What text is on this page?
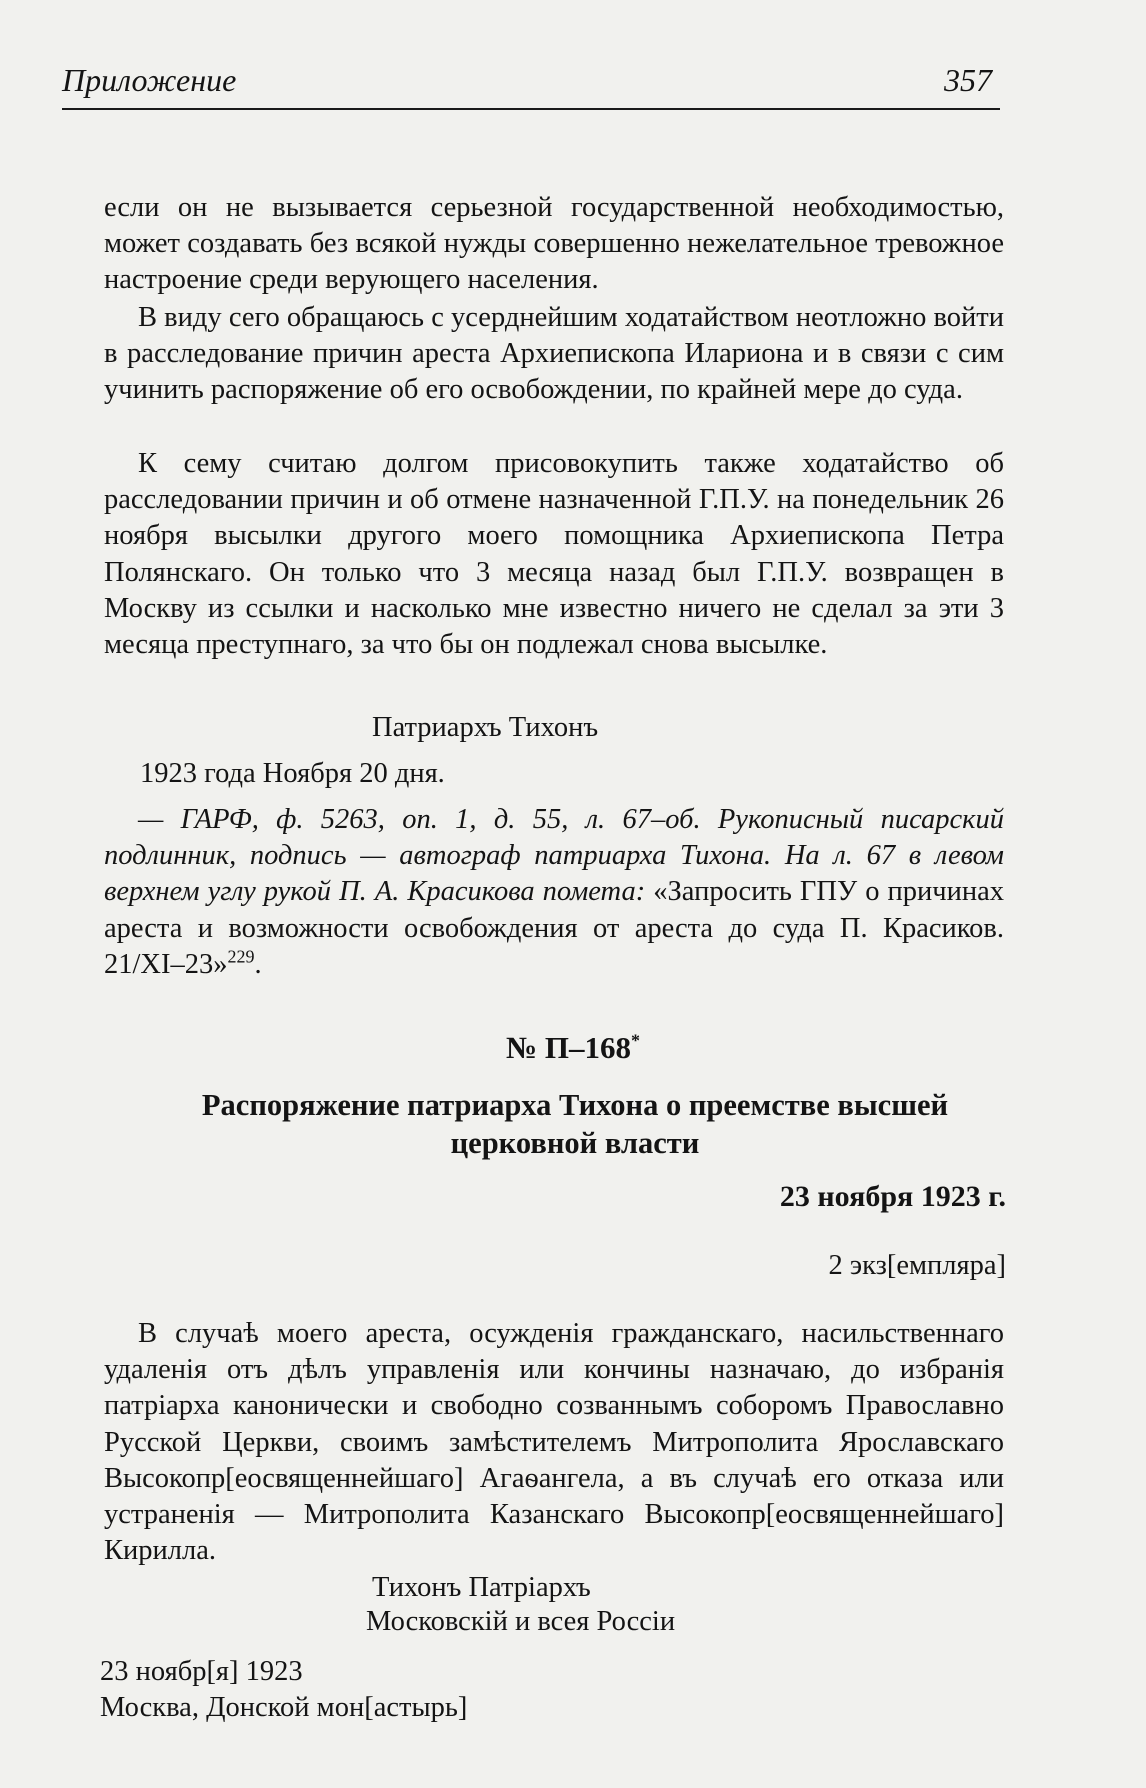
Приложение	357

если он не вызывается серьезной государственной необходимостью, может создавать без всякой нужды совершенно нежелательное тревожное настроение среди верующего населения.

В виду сего обращаюсь с усерднейшим ходатайством неотложно войти в расследование причин ареста Архиепископа Илариона и в связи с сим учинить распоряжение об его освобождении, по крайней мере до суда.

К сему считаю долгом присовокупить также ходатайство об расследовании причин и об отмене назначенной Г.П.У. на понедельник 26 ноября высылки другого моего помощника Архиепископа Петра Полянскаго. Он только что 3 месяца назад был Г.П.У. возвращен в Москву из ссылки и насколько мне известно ничего не сделал за эти 3 месяца преступнаго, за что бы он подлежал снова высылке.

Патриархъ Тихонъ
1923 года Ноября 20 дня.

— ГАРФ, ф. 5263, оп. 1, д. 55, л. 67–об. Рукописный писарский подлинник, подпись — автограф патриарха Тихона. На л. 67 в левом верхнем углу рукой П. А. Красикова помета: «Запросить ГПУ о причинах ареста и возможности освобождения от ареста до суда П. Красиков. 21/XI–23»$^{229}$.

№ П–168*
Распоряжение патриарха Тихона о преемстве высшей церковной власти
23 ноября 1923 г.
2 экз[емпляра]

В случаѣ моего ареста, осужденія гражданскаго, насильственнаго удаленія отъ дѣлъ управленія или кончины назначаю, до избранія патріарха канонически и свободно созваннымъ соборомъ Православно Русской Церкви, своимъ замѣстителемъ Митрополита Ярославскаго Высокопр[еосвященнейшаго] Агаѳангела, а въ случаѣ его отказа или устраненія — Митрополита Казанскаго Высокопр[еосвященнейшаго] Кирилла.

Тихонъ Патріархъ
Московскій и всея Россіи
23 ноябр[я] 1923
Москва, Донской мон[астырь]
